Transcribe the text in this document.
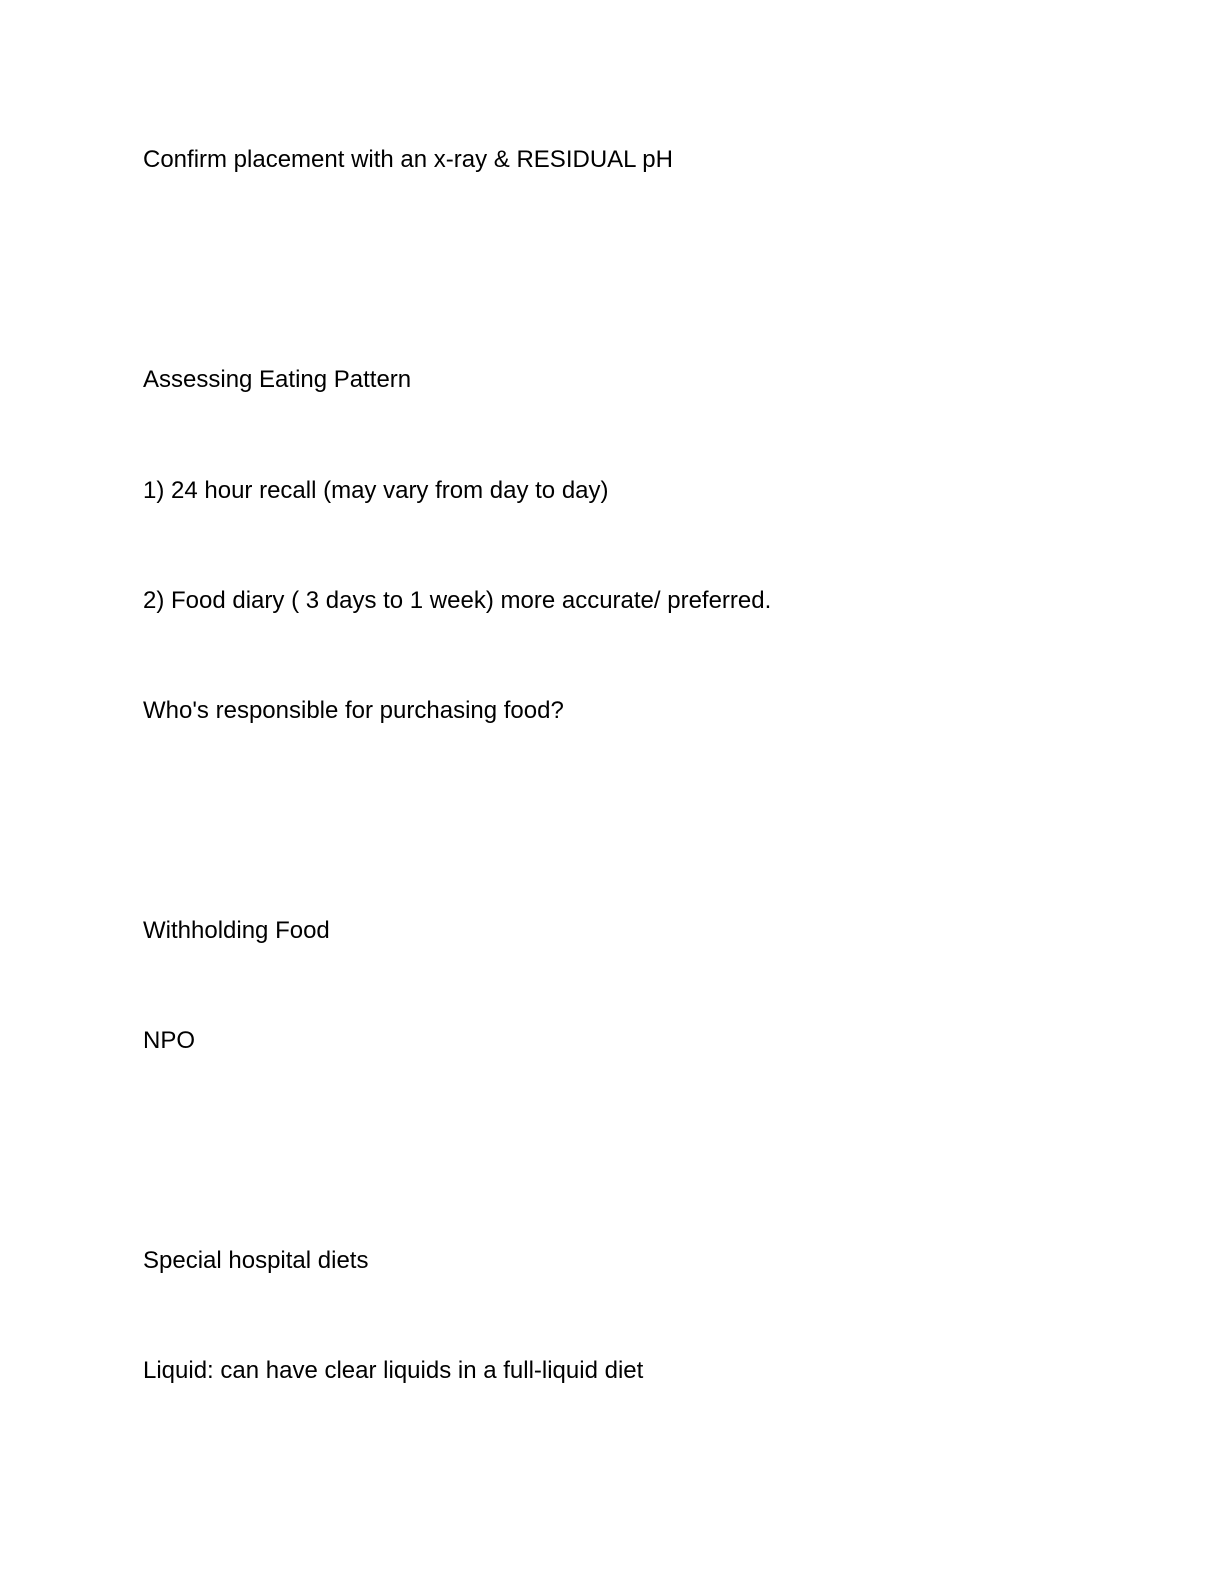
Confirm placement with an x-ray & RESIDUAL pH

Assessing Eating Pattern

1) 24 hour recall (may vary from day to day)

2) Food diary ( 3 days to 1 week) more accurate/ preferred.

Who's responsible for purchasing food?

Withholding Food

NPO

Special hospital diets

Liquid: can have clear liquids in a full-liquid diet
